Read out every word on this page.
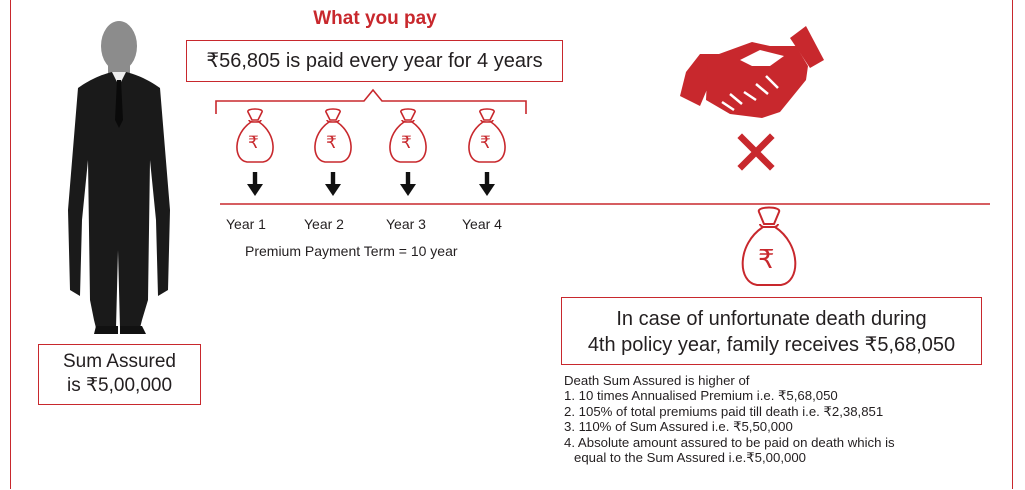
₹	₹	₹	₹
₹
What you pay
₹56,805 is paid every year for 4 years
Year 1	Year 2	Year 3	Year 4
Premium Payment Term = 10 year
Sum Assured
is ₹5,00,000
In case of unfortunate death during
4th policy year, family receives ₹5,68,050
Death Sum Assured is higher of
1. 10 times Annualised Premium i.e. ₹5,68,050
2. 105% of total premiums paid till death i.e. ₹2,38,851
3. 110% of Sum Assured i.e. ₹5,50,000
4. Absolute amount assured to be paid on death which is
equal to the Sum Assured i.e.₹5,00,000
